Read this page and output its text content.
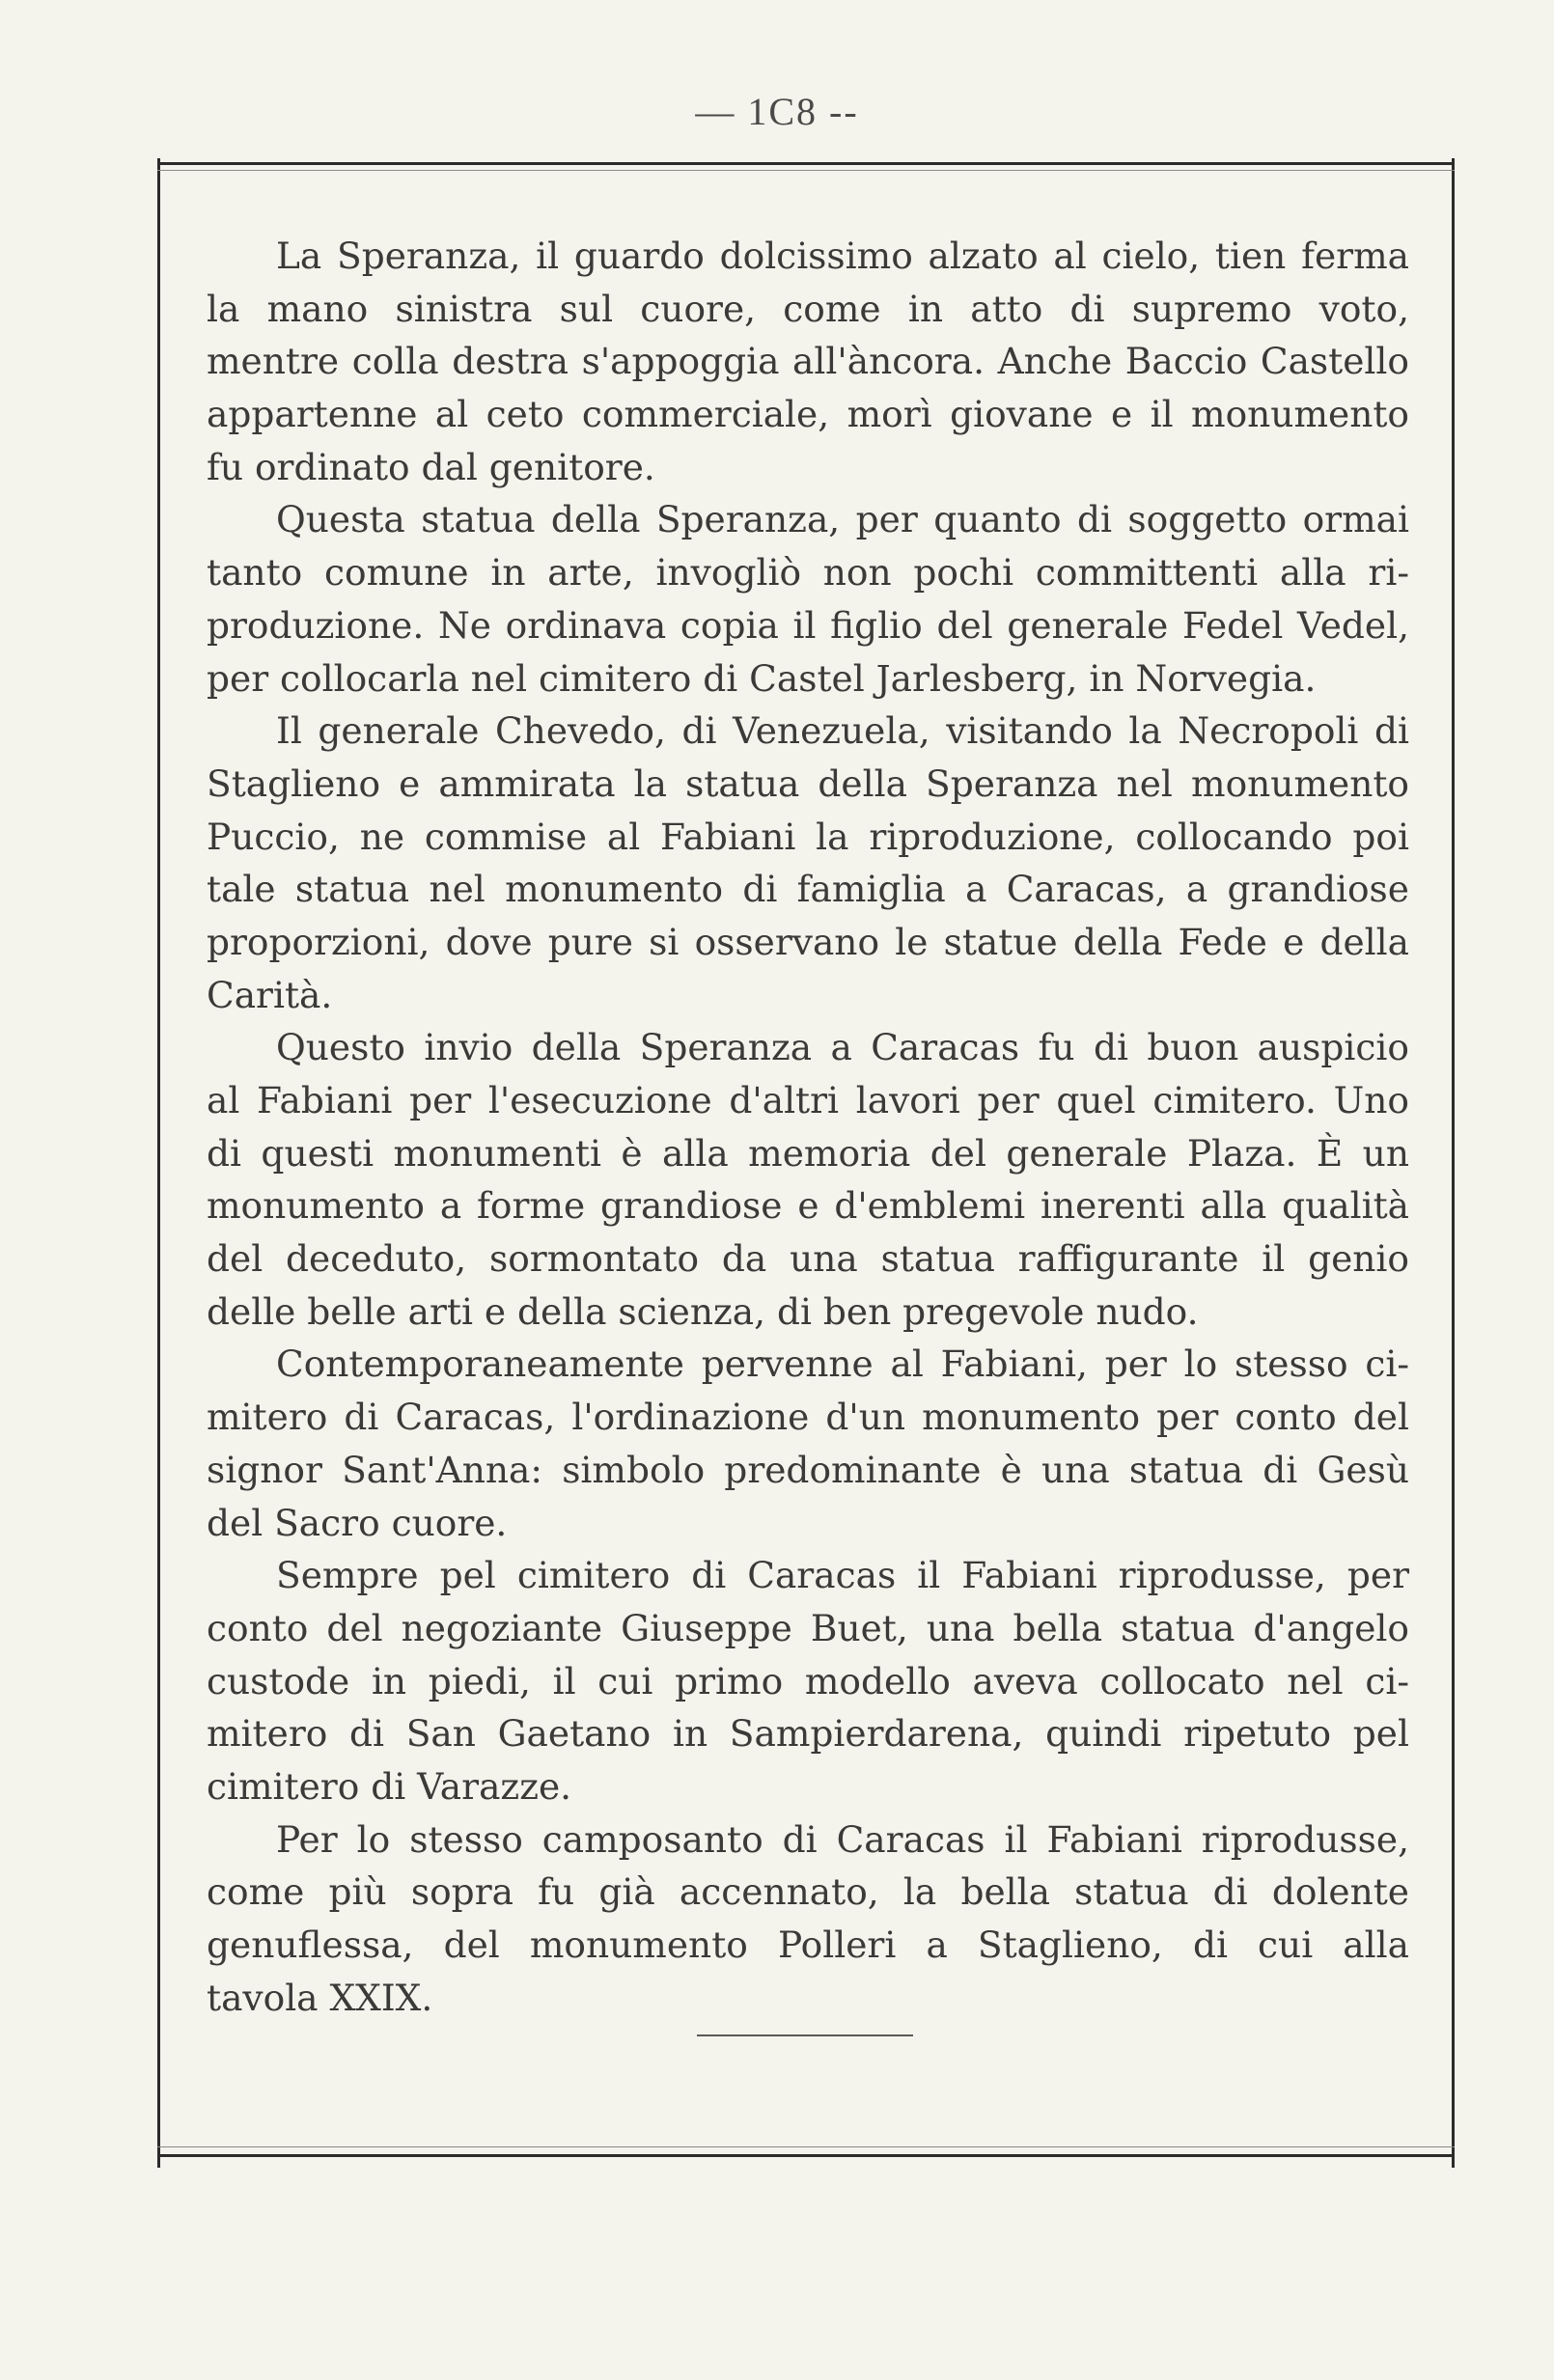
— 1C8 --
La Speranza, il guardo dolcissimo alzato al cielo, tien ferma
la mano sinistra sul cuore, come in atto di supremo voto,
mentre colla destra s'appoggia all'àncora. Anche Baccio Castello
appartenne al ceto commerciale, morì giovane e il monumento
fu ordinato dal genitore.
Questa statua della Speranza, per quanto di soggetto ormai
tanto comune in arte, invogliò non pochi committenti alla ri-
produzione. Ne ordinava copia il figlio del generale Fedel Vedel,
per collocarla nel cimitero di Castel Jarlesberg, in Norvegia.
Il generale Chevedo, di Venezuela, visitando la Necropoli di
Staglieno e ammirata la statua della Speranza nel monumento
Puccio, ne commise al Fabiani la riproduzione, collocando poi
tale statua nel monumento di famiglia a Caracas, a grandiose
proporzioni, dove pure si osservano le statue della Fede e della
Carità.
Questo invio della Speranza a Caracas fu di buon auspicio
al Fabiani per l'esecuzione d'altri lavori per quel cimitero. Uno
di questi monumenti è alla memoria del generale Plaza. È un
monumento a forme grandiose e d'emblemi inerenti alla qualità
del deceduto, sormontato da una statua raffigurante il genio
delle belle arti e della scienza, di ben pregevole nudo.
Contemporaneamente pervenne al Fabiani, per lo stesso ci-
mitero di Caracas, l'ordinazione d'un monumento per conto del
signor Sant'Anna: simbolo predominante è una statua di Gesù
del Sacro cuore.
Sempre pel cimitero di Caracas il Fabiani riprodusse, per
conto del negoziante Giuseppe Buet, una bella statua d'angelo
custode in piedi, il cui primo modello aveva collocato nel ci-
mitero di San Gaetano in Sampierdarena, quindi ripetuto pel
cimitero di Varazze.
Per lo stesso camposanto di Caracas il Fabiani riprodusse,
come più sopra fu già accennato, la bella statua di dolente
genuflessa, del monumento Polleri a Staglieno, di cui alla
tavola XXIX.
